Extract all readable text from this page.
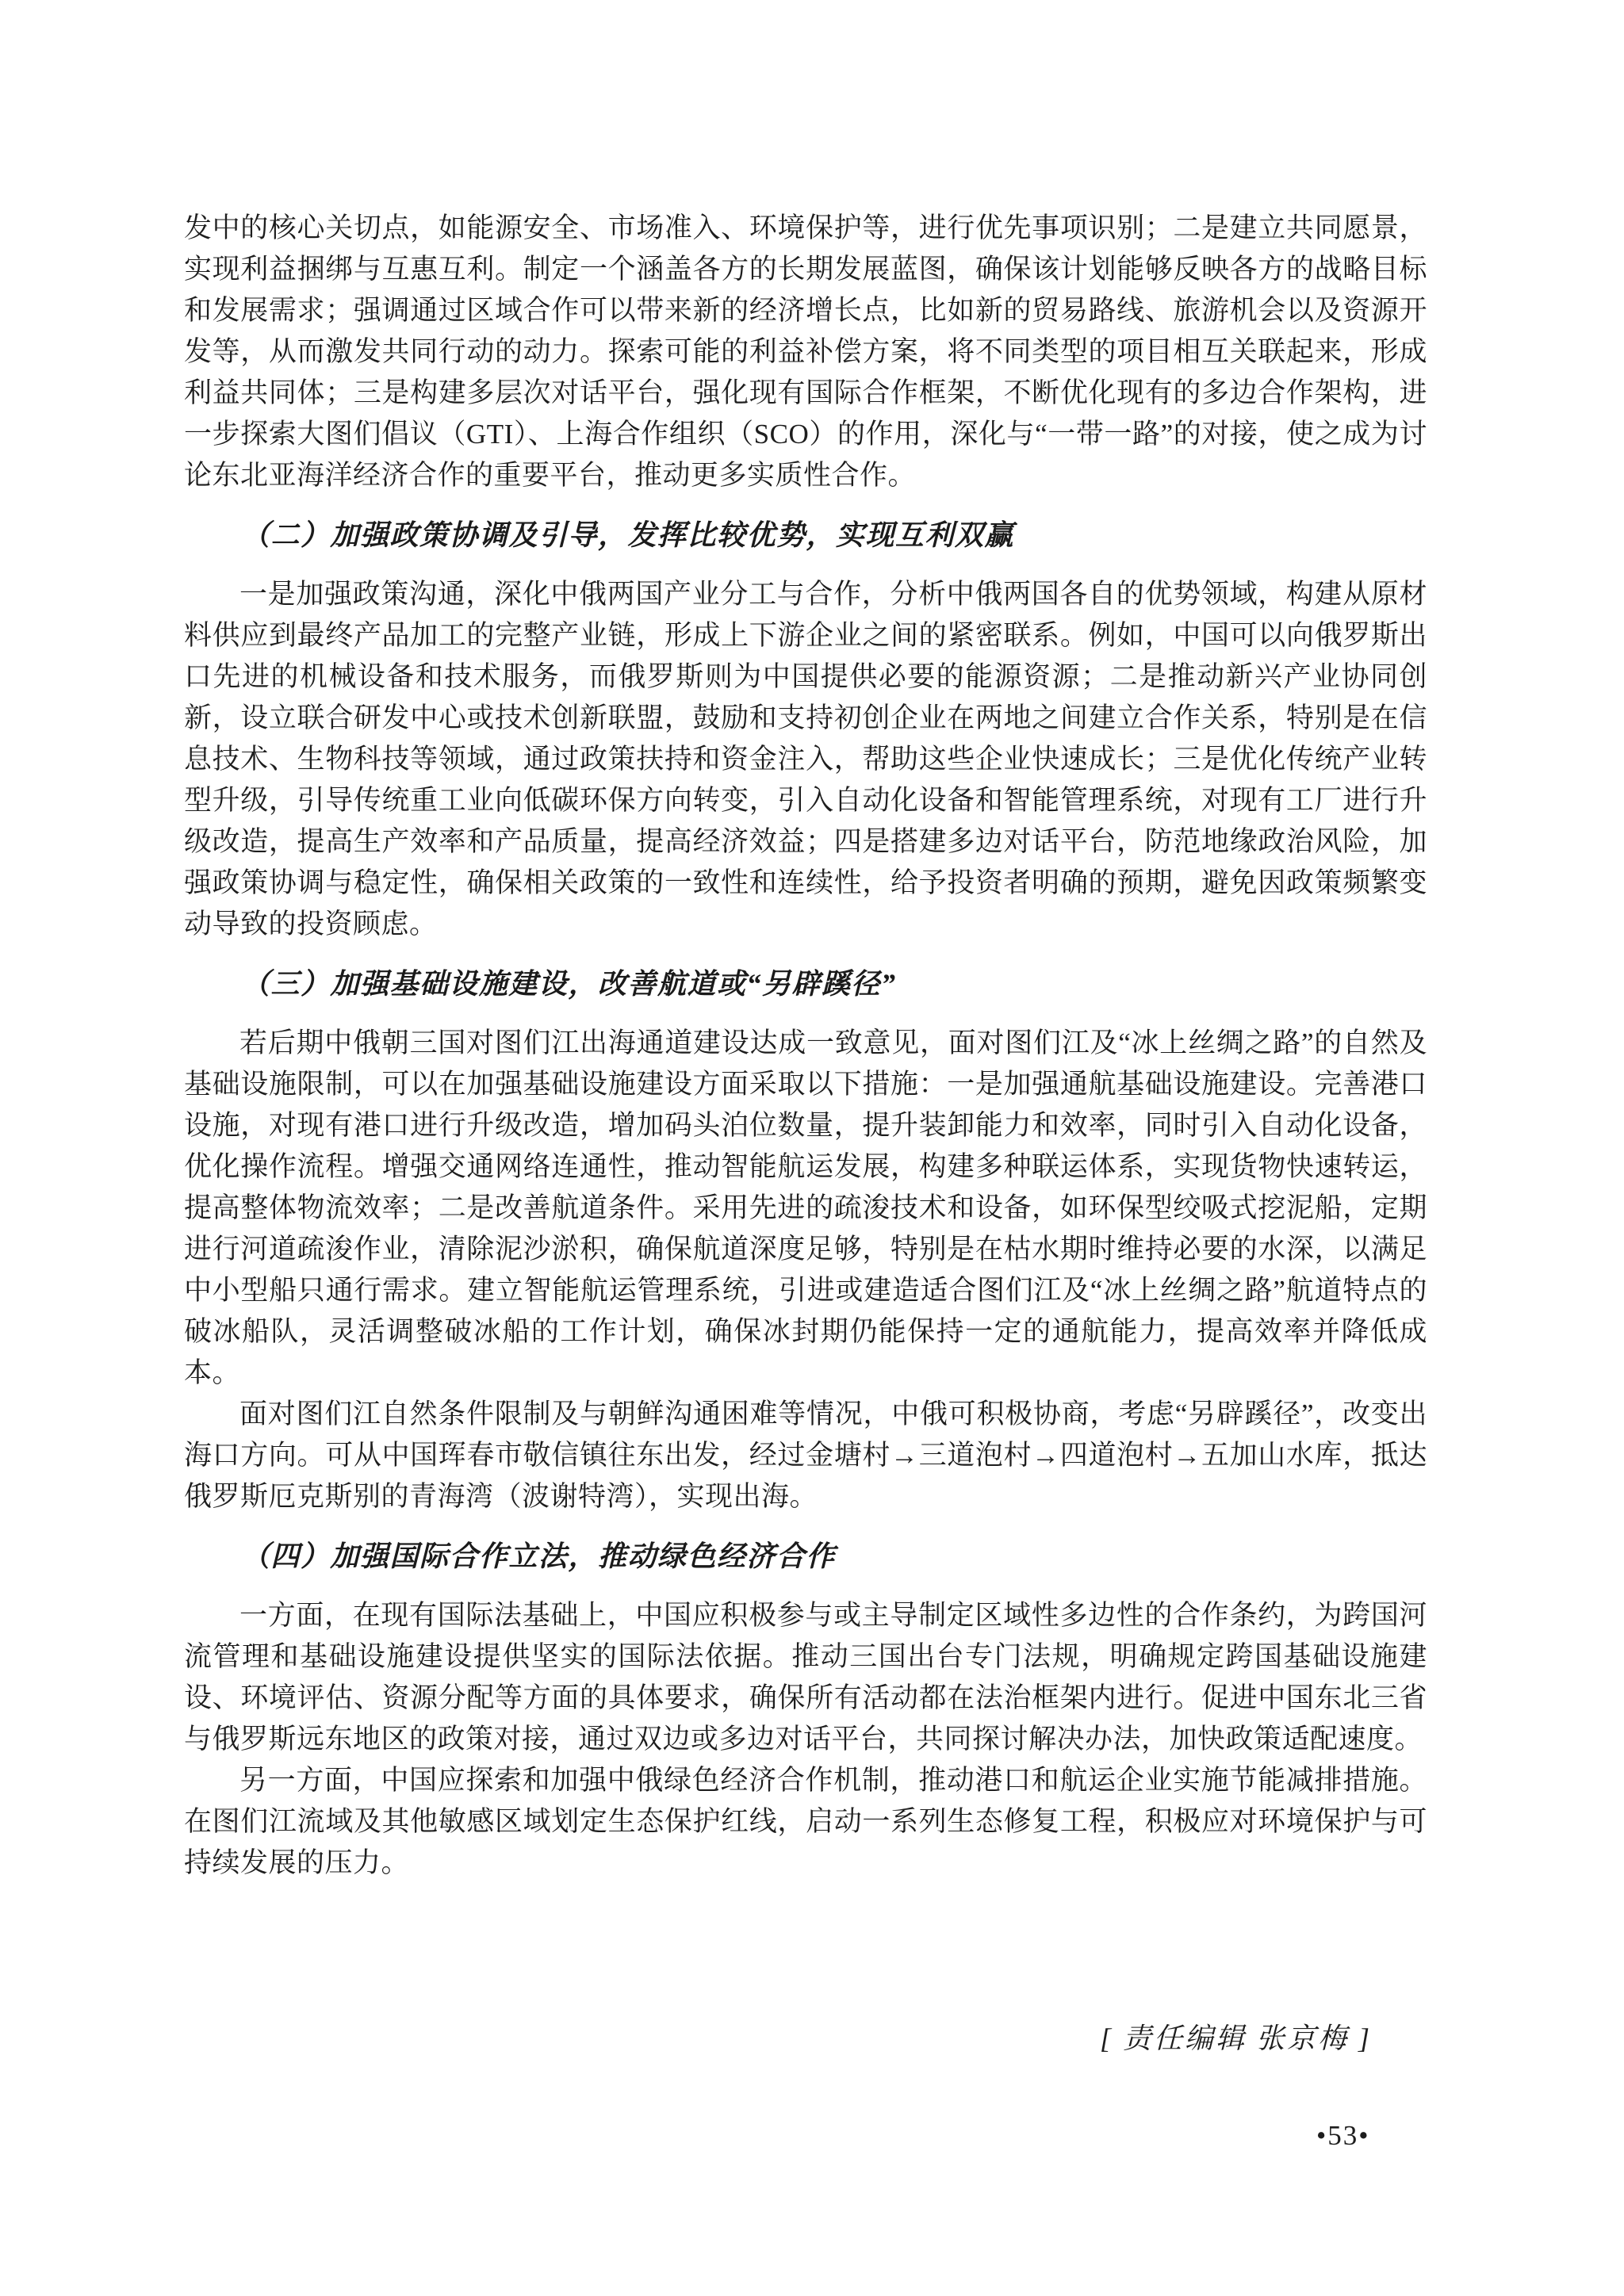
发中的核心关切点，如能源安全、市场准入、环境保护等，进行优先事项识别；二是建立共同愿景，实现利益捆绑与互惠互利。制定一个涵盖各方的长期发展蓝图，确保该计划能够反映各方的战略目标和发展需求；强调通过区域合作可以带来新的经济增长点，比如新的贸易路线、旅游机会以及资源开发等，从而激发共同行动的动力。探索可能的利益补偿方案，将不同类型的项目相互关联起来，形成利益共同体；三是构建多层次对话平台，强化现有国际合作框架，不断优化现有的多边合作架构，进一步探索大图们倡议（GTI）、上海合作组织（SCO）的作用，深化与“一带一路”的对接，使之成为讨论东北亚海洋经济合作的重要平台，推动更多实质性合作。

（二）加强政策协调及引导，发挥比较优势，实现互利双赢

一是加强政策沟通，深化中俄两国产业分工与合作，分析中俄两国各自的优势领域，构建从原材料供应到最终产品加工的完整产业链，形成上下游企业之间的紧密联系。例如，中国可以向俄罗斯出口先进的机械设备和技术服务，而俄罗斯则为中国提供必要的能源资源；二是推动新兴产业协同创新，设立联合研发中心或技术创新联盟，鼓励和支持初创企业在两地之间建立合作关系，特别是在信息技术、生物科技等领域，通过政策扶持和资金注入，帮助这些企业快速成长；三是优化传统产业转型升级，引导传统重工业向低碳环保方向转变，引入自动化设备和智能管理系统，对现有工厂进行升级改造，提高生产效率和产品质量，提高经济效益；四是搭建多边对话平台，防范地缘政治风险，加强政策协调与稳定性，确保相关政策的一致性和连续性，给予投资者明确的预期，避免因政策频繁变动导致的投资顾虑。

（三）加强基础设施建设，改善航道或“另辟蹊径”

若后期中俄朝三国对图们江出海通道建设达成一致意见，面对图们江及“冰上丝绸之路”的自然及基础设施限制，可以在加强基础设施建设方面采取以下措施：一是加强通航基础设施建设。完善港口设施，对现有港口进行升级改造，增加码头泊位数量，提升装卸能力和效率，同时引入自动化设备，优化操作流程。增强交通网络连通性，推动智能航运发展，构建多种联运体系，实现货物快速转运，提高整体物流效率；二是改善航道条件。采用先进的疏浚技术和设备，如环保型绞吸式挖泥船，定期进行河道疏浚作业，清除泥沙淤积，确保航道深度足够，特别是在枯水期时维持必要的水深，以满足中小型船只通行需求。建立智能航运管理系统，引进或建造适合图们江及“冰上丝绸之路”航道特点的破冰船队，灵活调整破冰船的工作计划，确保冰封期仍能保持一定的通航能力，提高效率并降低成本。

面对图们江自然条件限制及与朝鲜沟通困难等情况，中俄可积极协商，考虑“另辟蹊径”，改变出海口方向。可从中国珲春市敬信镇往东出发，经过金塘村→三道泡村→四道泡村→五加山水库，抵达俄罗斯厄克斯别的青海湾（波谢特湾），实现出海。

（四）加强国际合作立法，推动绿色经济合作

一方面，在现有国际法基础上，中国应积极参与或主导制定区域性多边性的合作条约，为跨国河流管理和基础设施建设提供坚实的国际法依据。推动三国出台专门法规，明确规定跨国基础设施建设、环境评估、资源分配等方面的具体要求，确保所有活动都在法治框架内进行。促进中国东北三省与俄罗斯远东地区的政策对接，通过双边或多边对话平台，共同探讨解决办法，加快政策适配速度。

另一方面，中国应探索和加强中俄绿色经济合作机制，推动港口和航运企业实施节能减排措施。在图们江流域及其他敏感区域划定生态保护红线，启动一系列生态修复工程，积极应对环境保护与可持续发展的压力。

[ 责任编辑 张京梅 ]
•53•
